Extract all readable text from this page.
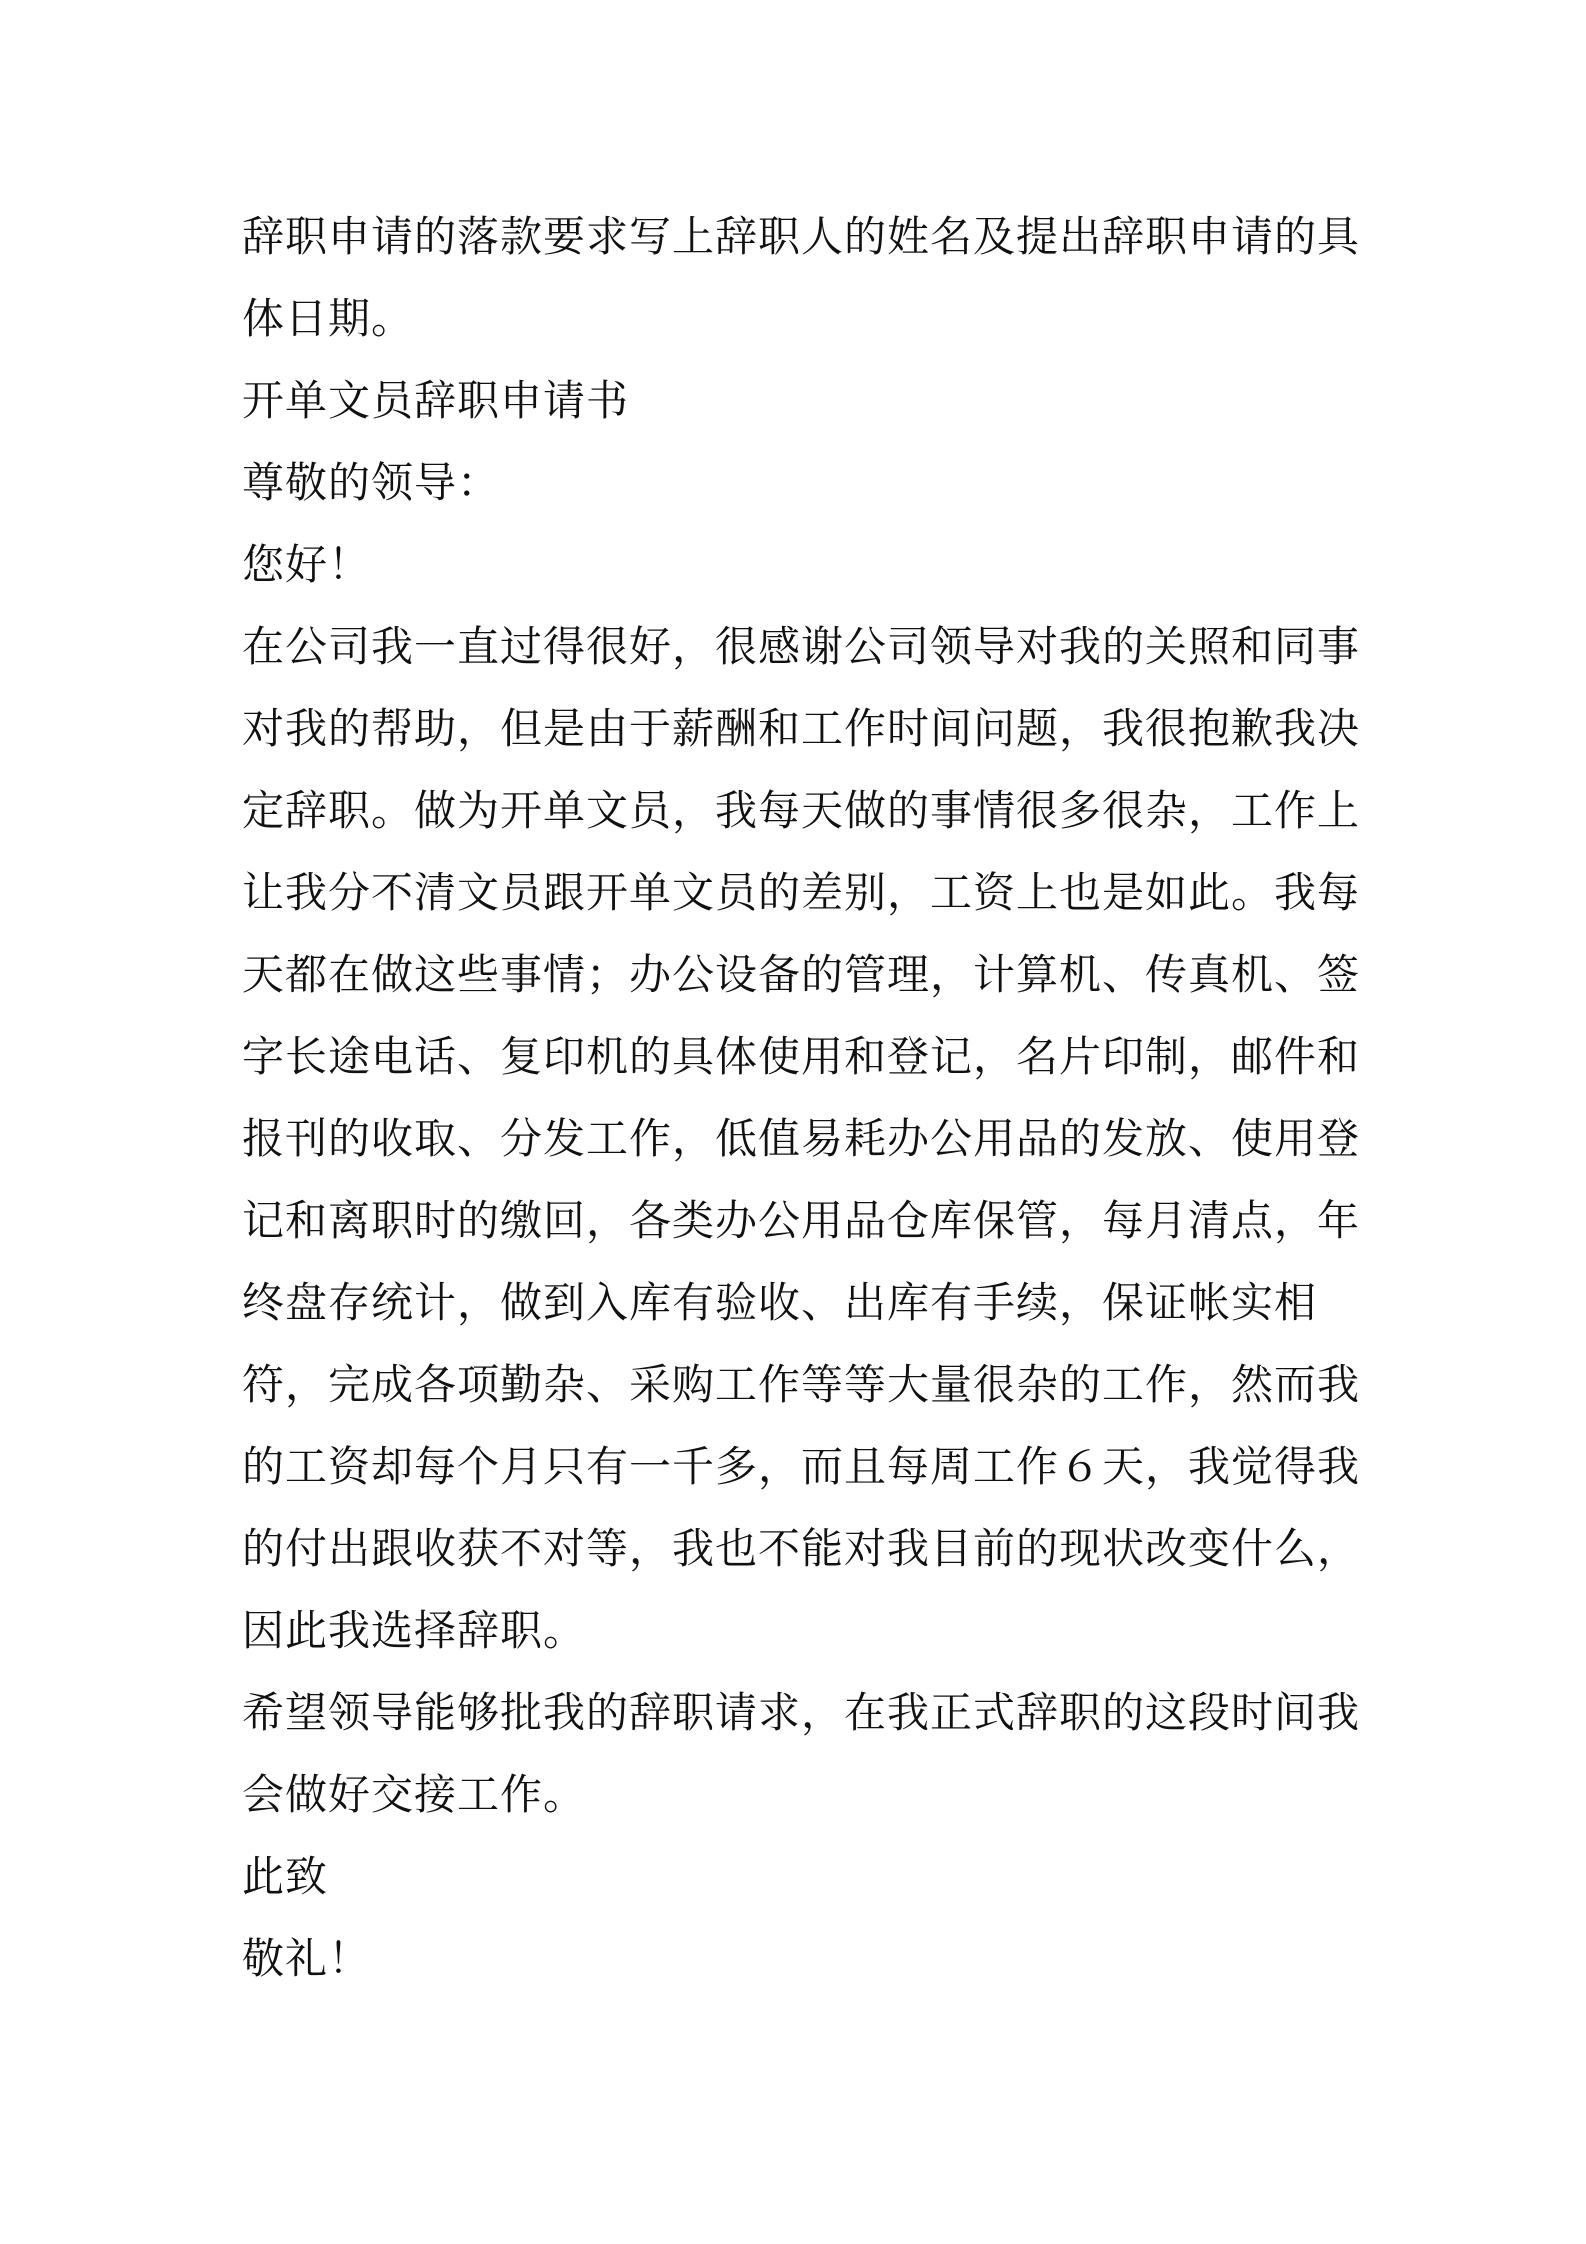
辞职申请的落款要求写上辞职人的姓名及提出辞职申请的具体日期。

开单文员辞职申请书

尊敬的领导：

您好！

在公司我一直过得很好，很感谢公司领导对我的关照和同事对我的帮助，但是由于薪酬和工作时间问题，我很抱歉我决定辞职。做为开单文员，我每天做的事情很多很杂，工作上让我分不清文员跟开单文员的差别，工资上也是如此。我每天都在做这些事情；办公设备的管理，计算机、传真机、签字长途电话、复印机的具体使用和登记，名片印制，邮件和报刊的收取、分发工作，低值易耗办公用品的发放、使用登记和离职时的缴回，各类办公用品仓库保管，每月清点，年终盘存统计，做到入库有验收、出库有手续，保证帐实相符，完成各项勤杂、采购工作等等大量很杂的工作，然而我的工资却每个月只有一千多，而且每周工作６天，我觉得我的付出跟收获不对等，我也不能对我目前的现状改变什么，因此我选择辞职。

希望领导能够批我的辞职请求，在我正式辞职的这段时间我会做好交接工作。

此致

敬礼！
